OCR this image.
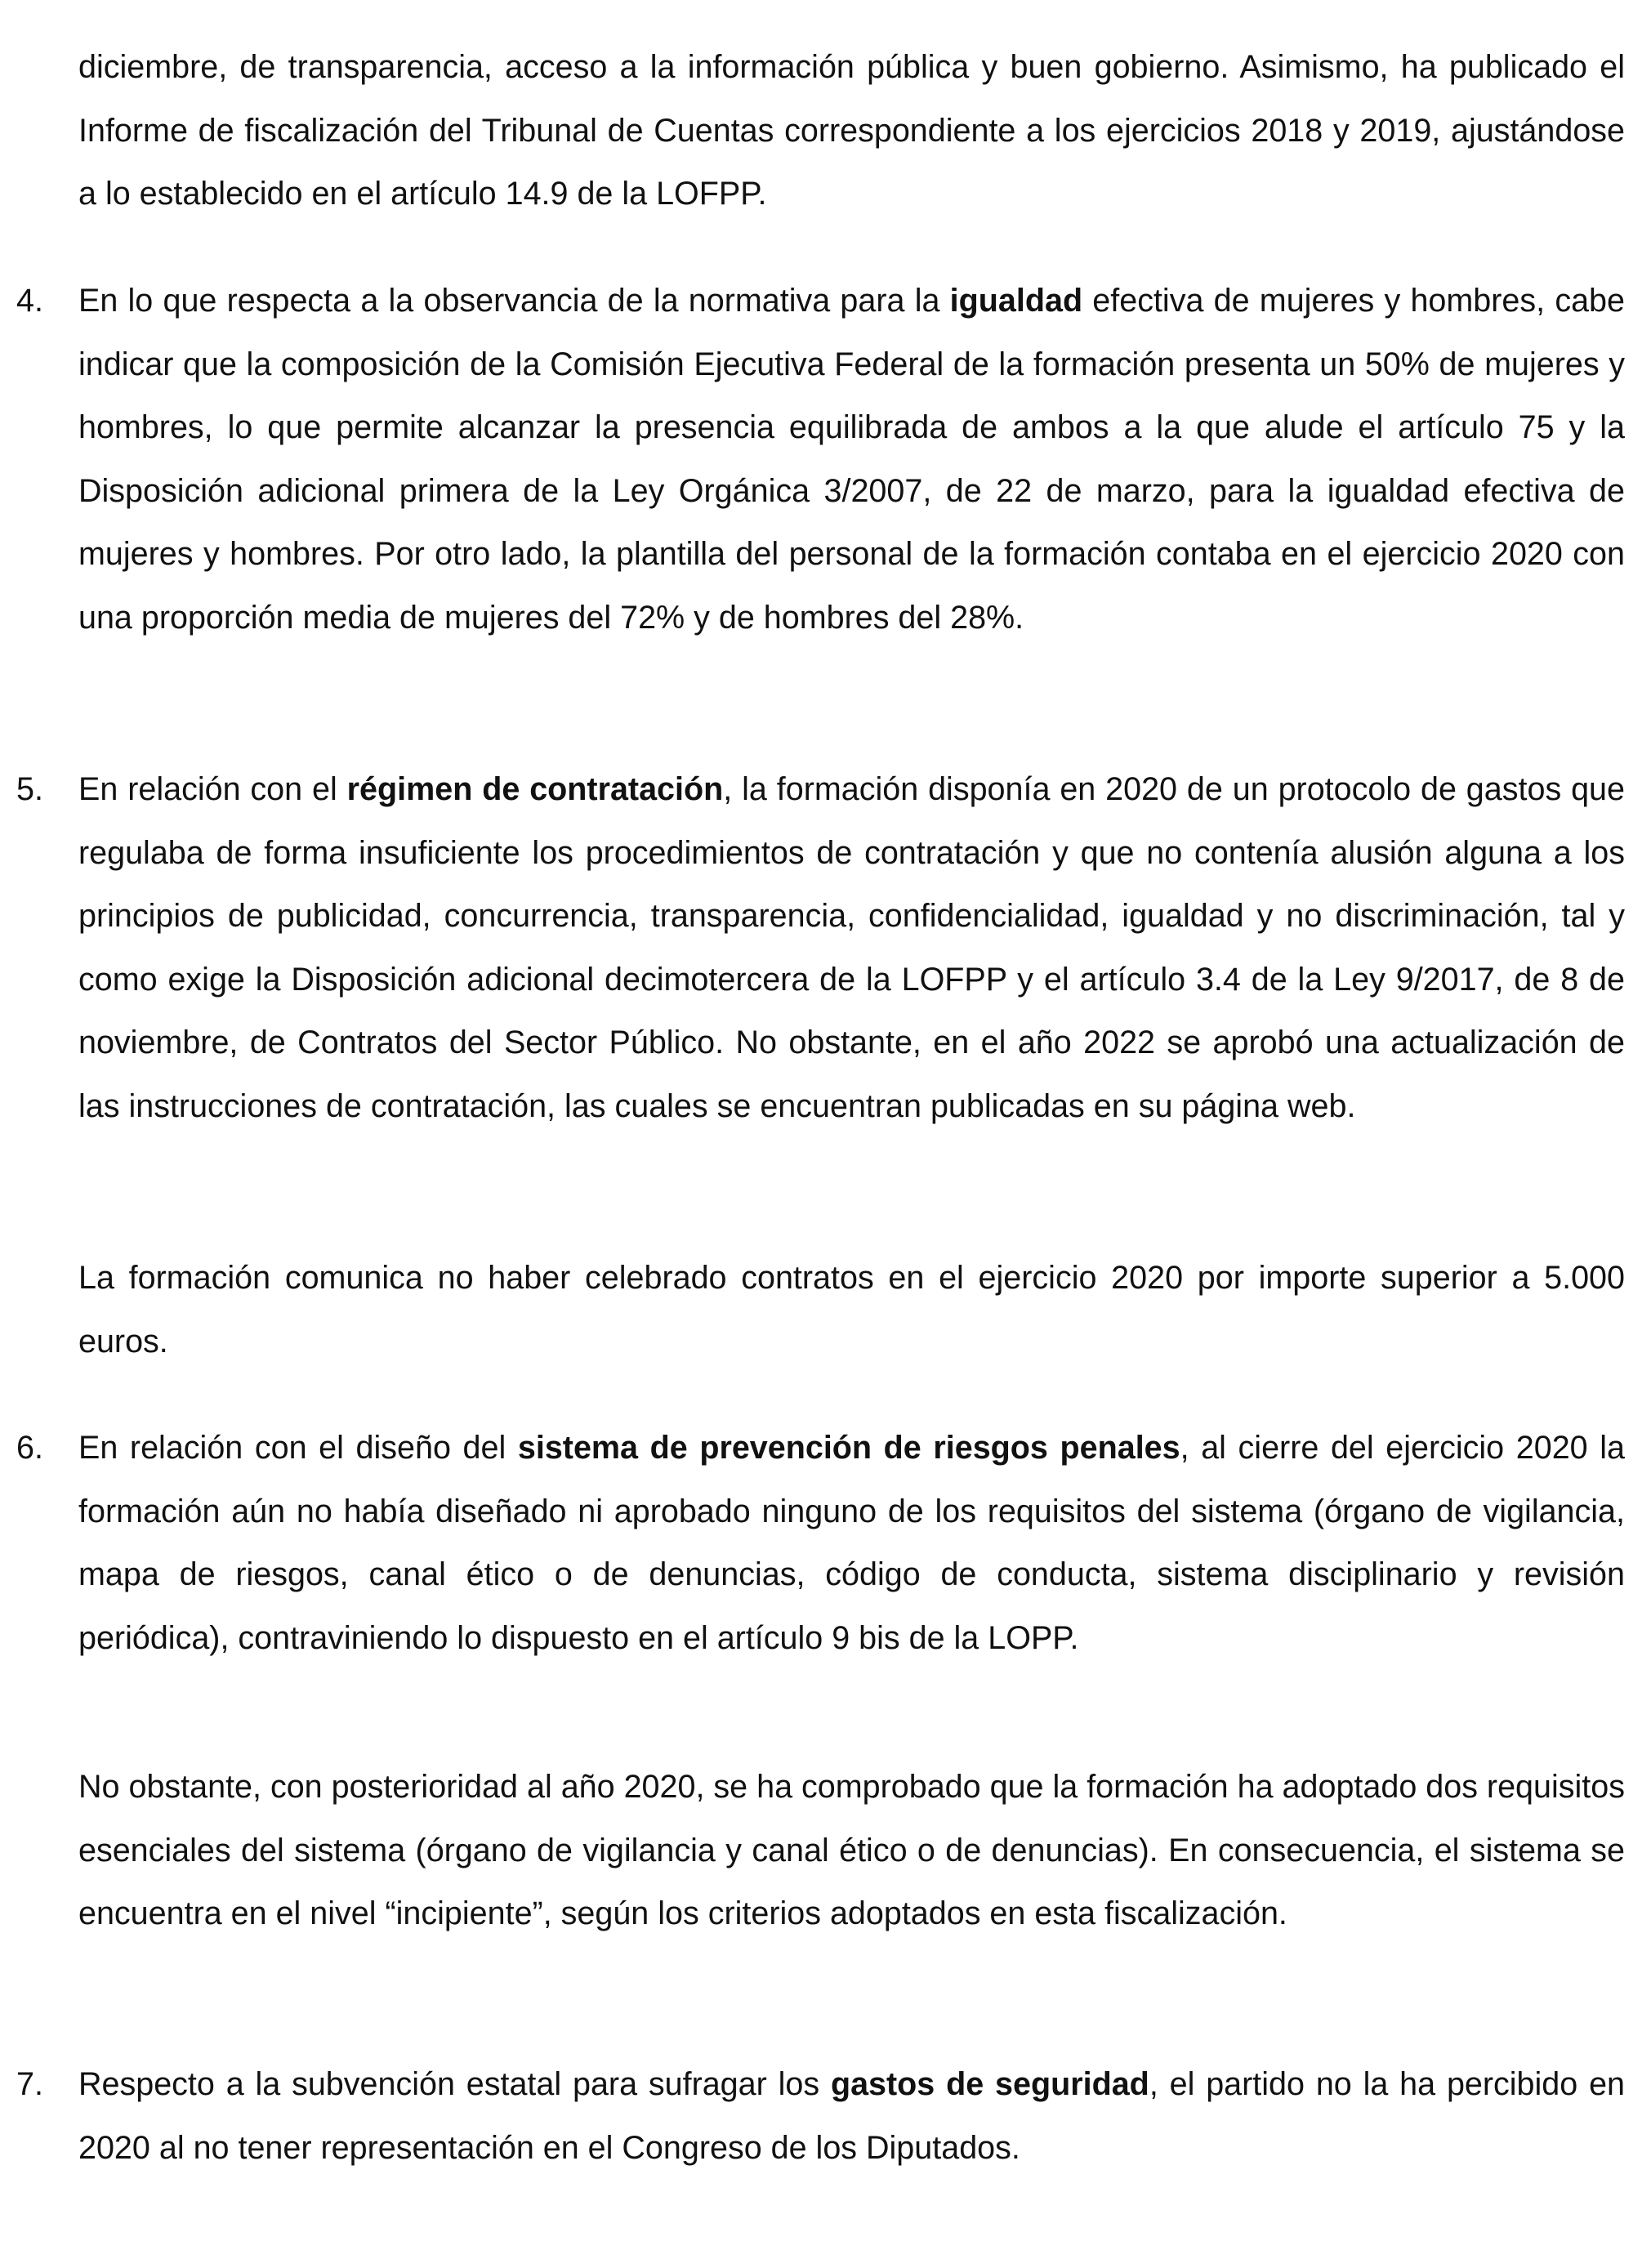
diciembre, de transparencia, acceso a la información pública y buen gobierno. Asimismo, ha publicado el Informe de fiscalización del Tribunal de Cuentas correspondiente a los ejercicios 2018 y 2019, ajustándose a lo establecido en el artículo 14.9 de la LOFPP.

4.	En lo que respecta a la observancia de la normativa para la igualdad efectiva de mujeres y hombres, cabe indicar que la composición de la Comisión Ejecutiva Federal de la formación presenta un 50% de mujeres y hombres, lo que permite alcanzar la presencia equilibrada de ambos a la que alude el artículo 75 y la Disposición adicional primera de la Ley Orgánica 3/2007, de 22 de marzo, para la igualdad efectiva de mujeres y hombres. Por otro lado, la plantilla del personal de la formación contaba en el ejercicio 2020 con una proporción media de mujeres del 72% y de hombres del 28%.

5.	En relación con el régimen de contratación, la formación disponía en 2020 de un protocolo de gastos que regulaba de forma insuficiente los procedimientos de contratación y que no contenía alusión alguna a los principios de publicidad, concurrencia, transparencia, confidencialidad, igualdad y no discriminación, tal y como exige la Disposición adicional decimotercera de la LOFPP y el artículo 3.4 de la Ley 9/2017, de 8 de noviembre, de Contratos del Sector Público. No obstante, en el año 2022 se aprobó una actualización de las instrucciones de contratación, las cuales se encuentran publicadas en su página web.

La formación comunica no haber celebrado contratos en el ejercicio 2020 por importe superior a 5.000 euros.

6.	En relación con el diseño del sistema de prevención de riesgos penales, al cierre del ejercicio 2020 la formación aún no había diseñado ni aprobado ninguno de los requisitos del sistema (órgano de vigilancia, mapa de riesgos, canal ético o de denuncias, código de conducta, sistema disciplinario y revisión periódica), contraviniendo lo dispuesto en el artículo 9 bis de la LOPP.

No obstante, con posterioridad al año 2020, se ha comprobado que la formación ha adoptado dos requisitos esenciales del sistema (órgano de vigilancia y canal ético o de denuncias). En consecuencia, el sistema se encuentra en el nivel “incipiente”, según los criterios adoptados en esta fiscalización.

7.	Respecto a la subvención estatal para sufragar los gastos de seguridad, el partido no la ha percibido en 2020 al no tener representación en el Congreso de los Diputados.
